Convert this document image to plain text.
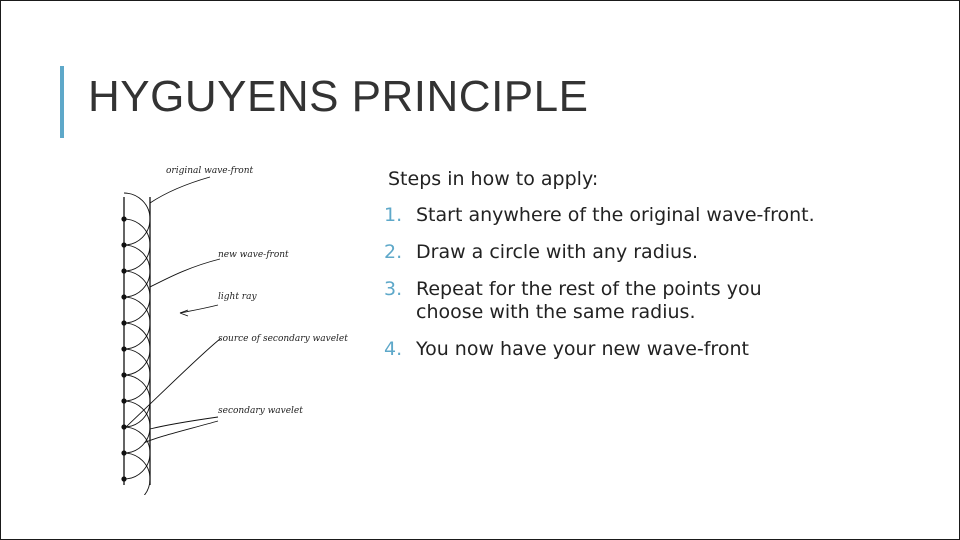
HYGUYENS PRINCIPLE
original wave-front
new wave-front
light ray
source of secondary wavelet
secondary wavelet

Steps in how to apply:

1. Start anywhere of the original wave-front.
2. Draw a circle with any radius.
3. Repeat for the rest of the points you choose with the same radius.
4. You now have your new wave-front
